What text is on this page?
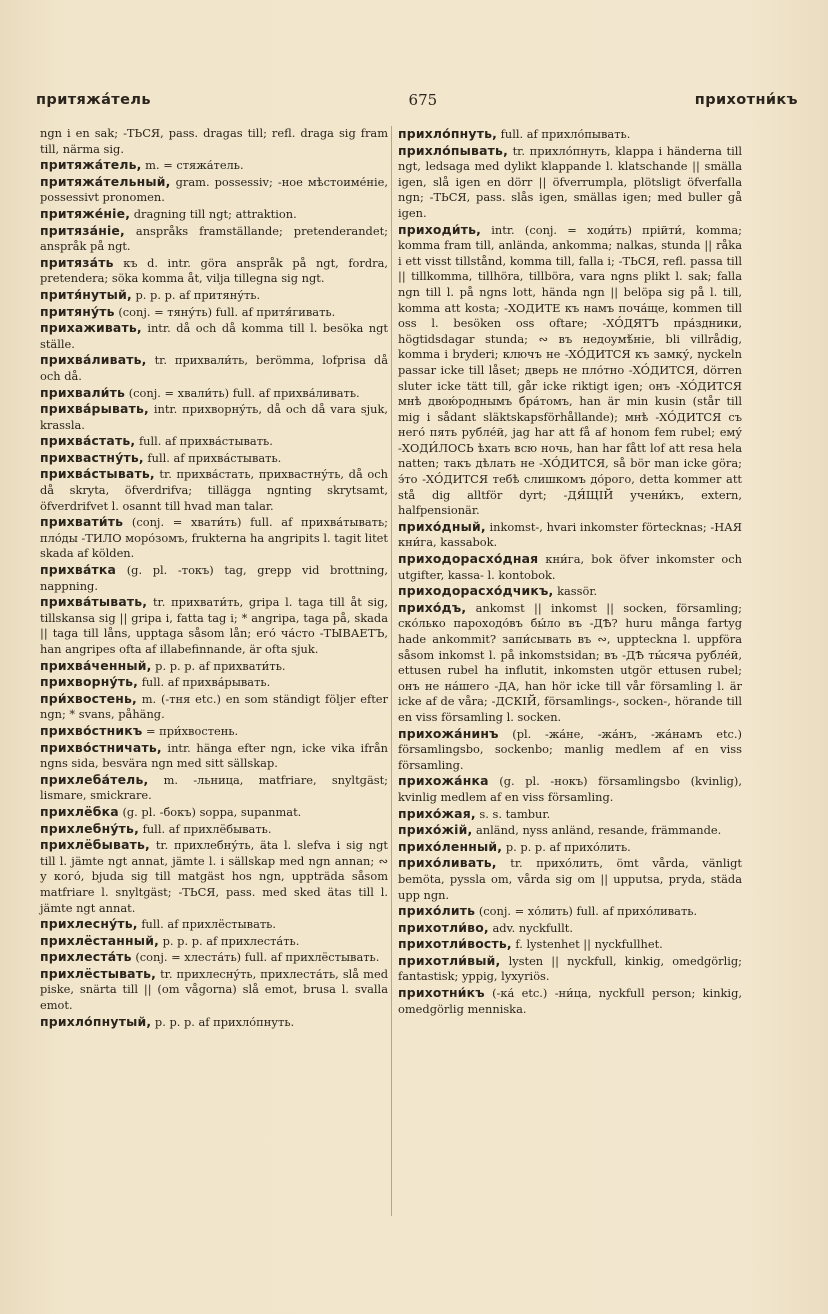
притяжа́тель	675	прихотни́къ

ngn i en sak; -ТЬСЯ, pass. dragas till; refl. draga sig fram till, närma sig.

притяжа́тель, m. = стяжа́тель.

притяжа́тельный, gram. possessiv; -ное мѣстоиме́ніе, possessivt pronomen.

притяже́ніе, dragning till ngt; attraktion.

притяза́ніе, anspråks framställande; pretenderandet; anspråk på ngt.

притяза́ть къ d. intr. göra anspråk på ngt, fordra, pretendera; söka komma åt, vilja tillegna sig ngt.

притя́нутый, p. p. p. af притяну́ть.

притяну́ть (conj. = тяну́ть) full. af притя́гивать.

прихаживать, intr. då och då komma till l. besöka ngt ställe.

прихва́ливать, tr. прихвали́ть, berömma, lofprisa då och då.

прихвали́ть (conj. = хвали́ть) full. af прихва́ливать.

прихва́рывать, intr. прихворну́ть, då och då vara sjuk, krassla.

прихва́стать, full. af прихва́стывать.

прихвастну́ть, full. af прихва́стывать.

прихва́стывать, tr. прихва́стать, прихвастну́ть, då och då skryta, öfverdrifva; tillägga ngnting skrytsamt, öfverdrifvet l. osannt till hvad man talar.

прихвати́ть (conj. = хвати́ть) full. af прихва́тывать; пло́ды -ТИЛО моро́зомъ, frukterna ha angripits l. tagit litet skada af kölden.

прихва́тка (g. pl. -токъ) tag, grepp vid brottning, nappning.

прихва́тывать, tr. прихвати́ть, gripa l. taga till åt sig, tillskansa sig || gripa i, fatta tag i; * angripa, taga på, skada || taga till låns, upptaga såsom lån; его́ ча́сто -ТЫВАЕТЪ, han angripes ofta af illabefinnande, är ofta sjuk.

прихва́ченный, p. p. p. af прихвати́ть.

прихворну́ть, full. af прихва́рывать.

при́хвостень, m. (-тня etc.) en som ständigt följer efter ngn; * svans, påhäng.

прихво́стникъ = при́хвостень.

прихво́стничать, intr. hänga efter ngn, icke vika ifrån ngns sida, besvära ngn med sitt sällskap.

прихлеба́тель, m. -льница, matfriare, snyltgäst; lismare, smickrare.

прихлёбка (g. pl. -бокъ) soppa, supanmat.

прихлебну́ть, full. af прихлёбывать.

прихлёбывать, tr. прихлебну́ть, äta l. slefva i sig ngt till l. jämte ngt annat, jämte l. i sällskap med ngn annan; ∾ у кого́, bjuda sig till matgäst hos ngn, uppträda såsom matfriare l. snyltgäst; -ТЬСЯ, pass. med sked ätas till l. jämte ngt annat.

прихлесну́ть, full. af прихлёстывать.

прихлёстанный, p. p. p. af прихлеста́ть.

прихлеста́ть (conj. = хлеста́ть) full. af прихлёстывать.

прихлёстывать, tr. прихлесну́ть, прихлеста́ть, slå med piske, snärta till || (om vågorna) slå emot, brusa l. svalla emot.

прихло́пнутый, p. p. p. af прихло́пнуть.

прихло́пнуть, full. af прихло́пывать.

прихло́пывать, tr. прихло́пнуть, klappa i händerna till ngt, ledsaga med dylikt klappande l. klatschande || smälla igen, slå igen en dörr || öfverrumpla, plötsligt öfverfalla ngn; -ТЬСЯ, pass. slås igen, smällas igen; med buller gå igen.

приходи́ть, intr. (conj. = ходи́ть) прійти́, komma; komma fram till, anlända, ankomma; nalkas, stunda || råka i ett visst tillstånd, komma till, falla i; -ТЬСЯ, refl. passa till || tillkomma, tillhöra, tillböra, vara ngns plikt l. sak; falla ngn till l. på ngns lott, hända ngn || belöpa sig på l. till, komma att kosta; -ХОДИТЕ къ намъ поча́ще, kommen till oss l. besöken oss oftare; -ХО́ДЯТЪ пра́здники, högtidsdagar stunda; ∾ въ недоумѣ́ніе, bli villrådig, komma i bryderi; ключъ не -ХО́ДИТСЯ къ замку́, nyckeln passar icke till låset; дверь не пло́тно -ХО́ДИТСЯ, dörren sluter icke tätt till, går icke riktigt igen; онъ -ХО́ДИТСЯ мнѣ двою́роднымъ бра́томъ, han är min kusin (står till mig i sådant släktskapsförhållande); мнѣ -ХО́ДИТСЯ съ него́ пять рубле́й, jag har att få af honom fem rubel; ему́ -ХОДИ́ЛОСЬ ѣхать всю ночь, han har fått lof att resa hela natten; такъ дѣлать не -ХО́ДИТСЯ, så bör man icke göra; э́то -ХО́ДИТСЯ тебѣ слишкомъ до́рого, detta kommer att stå dig alltför dyrt; -ДЯ́ЩІЙ учени́къ, extern, halfpensionär.

прихо́дный, inkomst-, hvari inkomster förtecknas; -НАЯ кни́га, kassabok.

приходорасхо́дная кни́га, bok öfver inkomster och utgifter, kassa- l. kontobok.

приходорасхо́дчикъ, kassör.

прихо́дъ, ankomst || inkomst || socken, församling; ско́лько пароходо́въ бы́ло въ -ДѢ? huru många fartyg hade ankommit? запи́сывать въ ∾, uppteckna l. uppföra såsom inkomst l. på inkomstsidan; въ -ДѢ ты́сяча рубле́й, ettusen rubel ha influtit, inkomsten utgör ettusen rubel; онъ не на́шего -ДА, han hör icke till vår församling l. är icke af de våra; -ДСКІЙ, församlings-, socken-, hörande till en viss församling l. socken.

прихожа́нинъ (pl. -жа́не, -жа́нъ, -жа́намъ etc.) församlingsbo, sockenbo; manlig medlem af en viss församling.

прихожа́нка (g. pl. -нокъ) församlingsbo (kvinlig), kvinlig medlem af en viss församling.

прихо́жая, s. s. tambur.

прихо́жій, anländ, nyss anländ, resande, främmande.

прихо́ленный, p. p. p. af прихо́лить.

прихо́ливать, tr. прихо́лить, ömt vårda, vänligt bemöta, pyssla om, vårda sig om || upputsa, pryda, städa upp ngn.

прихо́лить (conj. = хо́лить) full. af прихо́ливать.

прихотли́во, adv. nyckfullt.

прихотли́вость, f. lystenhet || nyckfullhet.

прихотли́вый, lysten || nyckfull, kinkig, omedgörlig; fantastisk; yppig, lyxyriös.

прихотни́къ (-ка́ etc.) -ни́ца, nyckfull person; kinkig, omedgörlig menniska.
